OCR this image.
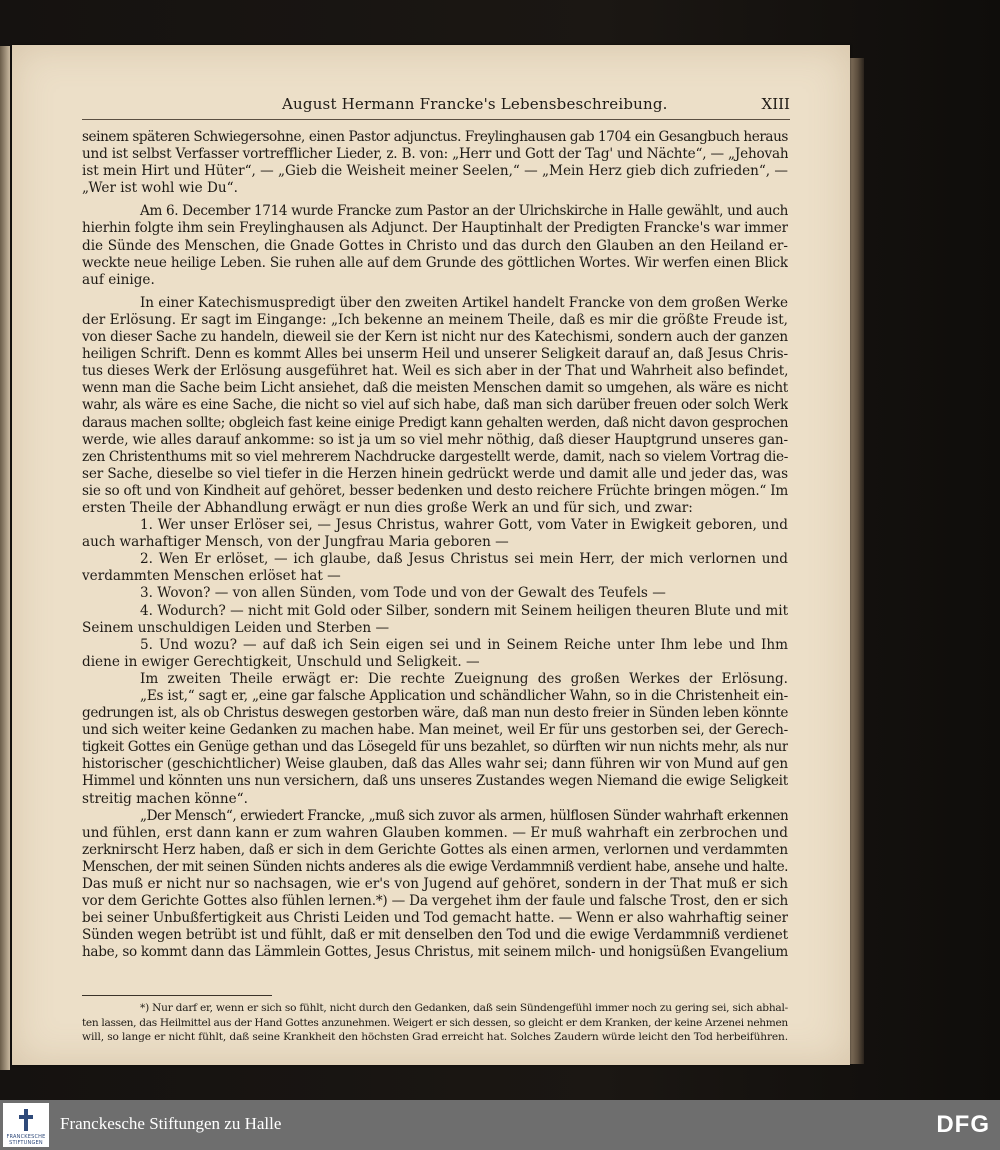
August Hermann Francke's Lebensbeschreibung.	XIII
seinem späteren Schwiegersohne, einen Pastor adjunctus. Freylinghausen gab 1704 ein Gesangbuch heraus
und ist selbst Verfasser vortrefflicher Lieder, z. B. von: „Herr und Gott der Tag' und Nächte“, — „Jehovah
ist mein Hirt und Hüter“, — „Gieb die Weisheit meiner Seelen,“ — „Mein Herz gieb dich zufrieden“, —
„Wer ist wohl wie Du“.
Am 6. December 1714 wurde Francke zum Pastor an der Ulrichskirche in Halle gewählt, und auch
hierhin folgte ihm sein Freylinghausen als Adjunct. Der Hauptinhalt der Predigten Francke's war immer
die Sünde des Menschen, die Gnade Gottes in Christo und das durch den Glauben an den Heiland er-
weckte neue heilige Leben. Sie ruhen alle auf dem Grunde des göttlichen Wortes. Wir werfen einen Blick
auf einige.
In einer Katechismuspredigt über den zweiten Artikel handelt Francke von dem großen Werke
der Erlösung. Er sagt im Eingange: „Ich bekenne an meinem Theile, daß es mir die größte Freude ist,
von dieser Sache zu handeln, dieweil sie der Kern ist nicht nur des Katechismi, sondern auch der ganzen
heiligen Schrift. Denn es kommt Alles bei unserm Heil und unserer Seligkeit darauf an, daß Jesus Chris-
tus dieses Werk der Erlösung ausgeführet hat. Weil es sich aber in der That und Wahrheit also befindet,
wenn man die Sache beim Licht ansiehet, daß die meisten Menschen damit so umgehen, als wäre es nicht
wahr, als wäre es eine Sache, die nicht so viel auf sich habe, daß man sich darüber freuen oder solch Werk
daraus machen sollte; obgleich fast keine einige Predigt kann gehalten werden, daß nicht davon gesprochen
werde, wie alles darauf ankomme: so ist ja um so viel mehr nöthig, daß dieser Hauptgrund unseres gan-
zen Christenthums mit so viel mehrerem Nachdrucke dargestellt werde, damit, nach so vielem Vortrag die-
ser Sache, dieselbe so viel tiefer in die Herzen hinein gedrückt werde und damit alle und jeder das, was
sie so oft und von Kindheit auf gehöret, besser bedenken und desto reichere Früchte bringen mögen.“ Im
ersten Theile der Abhandlung erwägt er nun dies große Werk an und für sich, und zwar:
1. Wer unser Erlöser sei, — Jesus Christus, wahrer Gott, vom Vater in Ewigkeit geboren, und
auch warhaftiger Mensch, von der Jungfrau Maria geboren —
2. Wen Er erlöset, — ich glaube, daß Jesus Christus sei mein Herr, der mich verlornen und
verdammten Menschen erlöset hat —
3. Wovon? — von allen Sünden, vom Tode und von der Gewalt des Teufels —
4. Wodurch? — nicht mit Gold oder Silber, sondern mit Seinem heiligen theuren Blute und mit
Seinem unschuldigen Leiden und Sterben —
5. Und wozu? — auf daß ich Sein eigen sei und in Seinem Reiche unter Ihm lebe und Ihm
diene in ewiger Gerechtigkeit, Unschuld und Seligkeit. —
Im zweiten Theile erwägt er: Die rechte Zueignung des großen Werkes der Erlösung.
„Es ist,“ sagt er, „eine gar falsche Application und schändlicher Wahn, so in die Christenheit ein-
gedrungen ist, als ob Christus deswegen gestorben wäre, daß man nun desto freier in Sünden leben könnte
und sich weiter keine Gedanken zu machen habe. Man meinet, weil Er für uns gestorben sei, der Gerech-
tigkeit Gottes ein Genüge gethan und das Lösegeld für uns bezahlet, so dürften wir nun nichts mehr, als nur
historischer (geschichtlicher) Weise glauben, daß das Alles wahr sei; dann führen wir von Mund auf gen
Himmel und könnten uns nun versichern, daß uns unseres Zustandes wegen Niemand die ewige Seligkeit
streitig machen könne“.
„Der Mensch“, erwiedert Francke, „muß sich zuvor als armen, hülflosen Sünder wahrhaft erkennen
und fühlen, erst dann kann er zum wahren Glauben kommen. — Er muß wahrhaft ein zerbrochen und
zerknirscht Herz haben, daß er sich in dem Gerichte Gottes als einen armen, verlornen und verdammten
Menschen, der mit seinen Sünden nichts anderes als die ewige Verdammniß verdient habe, ansehe und halte.
Das muß er nicht nur so nachsagen, wie er's von Jugend auf gehöret, sondern in der That muß er sich
vor dem Gerichte Gottes also fühlen lernen.*) — Da vergehet ihm der faule und falsche Trost, den er sich
bei seiner Unbußfertigkeit aus Christi Leiden und Tod gemacht hatte. — Wenn er also wahrhaftig seiner
Sünden wegen betrübt ist und fühlt, daß er mit denselben den Tod und die ewige Verdammniß verdienet
habe, so kommt dann das Lämmlein Gottes, Jesus Christus, mit seinem milch- und honigsüßen Evangelium
*) Nur darf er, wenn er sich so fühlt, nicht durch den Gedanken, daß sein Sündengefühl immer noch zu gering sei, sich abhal-
ten lassen, das Heilmittel aus der Hand Gottes anzunehmen. Weigert er sich dessen, so gleicht er dem Kranken, der keine Arzenei nehmen
will, so lange er nicht fühlt, daß seine Krankheit den höchsten Grad erreicht hat. Solches Zaudern würde leicht den Tod herbeiführen.
FRANCKESCHE
STIFTUNGEN
Franckesche Stiftungen zu Halle	DFG
